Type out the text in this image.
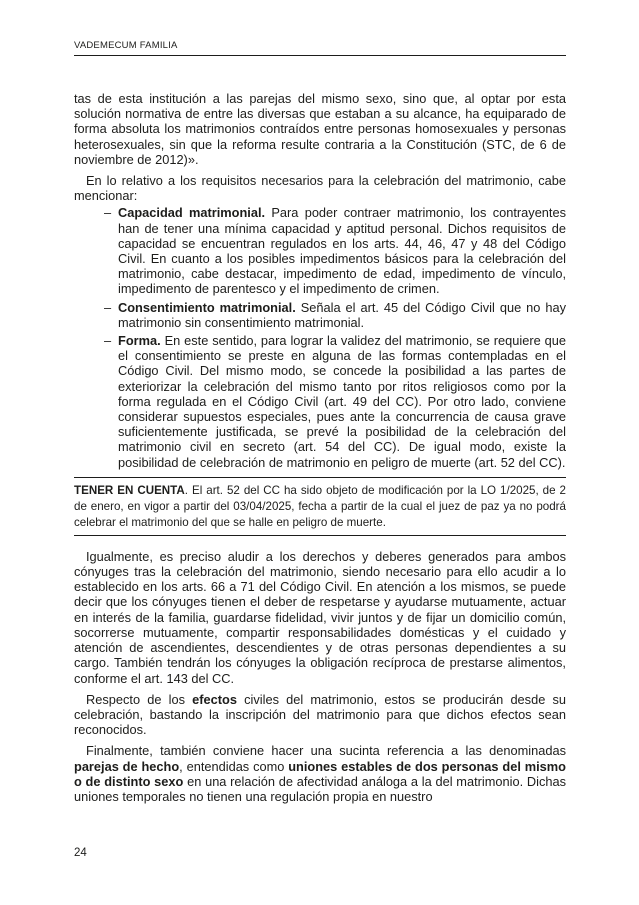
VADEMECUM FAMILIA

tas de esta institución a las parejas del mismo sexo, sino que, al optar por esta solución normativa de entre las diversas que estaban a su alcance, ha equiparado de forma absoluta los matrimonios contraídos entre personas homosexuales y personas heterosexuales, sin que la reforma resulte contraria a la Constitución (STC, de 6 de noviembre de 2012)».

En lo relativo a los requisitos necesarios para la celebración del matrimonio, cabe mencionar:

– Capacidad matrimonial. Para poder contraer matrimonio, los contrayentes han de tener una mínima capacidad y aptitud personal. Dichos requisitos de capacidad se encuentran regulados en los arts. 44, 46, 47 y 48 del Código Civil. En cuanto a los posibles impedimentos básicos para la celebración del matrimonio, cabe destacar, impedimento de edad, impedimento de vínculo, impedimento de parentesco y el impedimento de crimen.
– Consentimiento matrimonial. Señala el art. 45 del Código Civil que no hay matrimonio sin consentimiento matrimonial.
– Forma. En este sentido, para lograr la validez del matrimonio, se requiere que el consentimiento se preste en alguna de las formas contempladas en el Código Civil. Del mismo modo, se concede la posibilidad a las partes de exteriorizar la celebración del mismo tanto por ritos religiosos como por la forma regulada en el Código Civil (art. 49 del CC). Por otro lado, conviene considerar supuestos especiales, pues ante la concurrencia de causa grave suficientemente justificada, se prevé la posibilidad de la celebración del matrimonio civil en secreto (art. 54 del CC). De igual modo, existe la posibilidad de celebración de matrimonio en peligro de muerte (art. 52 del CC).
TENER EN CUENTA. El art. 52 del CC ha sido objeto de modificación por la LO 1/2025, de 2 de enero, en vigor a partir del 03/04/2025, fecha a partir de la cual el juez de paz ya no podrá celebrar el matrimonio del que se halle en peligro de muerte.

Igualmente, es preciso aludir a los derechos y deberes generados para ambos cónyuges tras la celebración del matrimonio, siendo necesario para ello acudir a lo establecido en los arts. 66 a 71 del Código Civil. En atención a los mismos, se puede decir que los cónyuges tienen el deber de respetarse y ayudarse mutuamente, actuar en interés de la familia, guardarse fidelidad, vivir juntos y de fijar un domicilio común, socorrerse mutuamente, compartir responsabilidades domésticas y el cuidado y atención de ascendientes, descendientes y de otras personas dependientes a su cargo. También tendrán los cónyuges la obligación recíproca de prestarse alimentos, conforme el art. 143 del CC.

Respecto de los efectos civiles del matrimonio, estos se producirán desde su celebración, bastando la inscripción del matrimonio para que dichos efectos sean reconocidos.

Finalmente, también conviene hacer una sucinta referencia a las denominadas parejas de hecho, entendidas como uniones estables de dos personas del mismo o de distinto sexo en una relación de afectividad análoga a la del matrimonio. Dichas uniones temporales no tienen una regulación propia en nuestro

24
